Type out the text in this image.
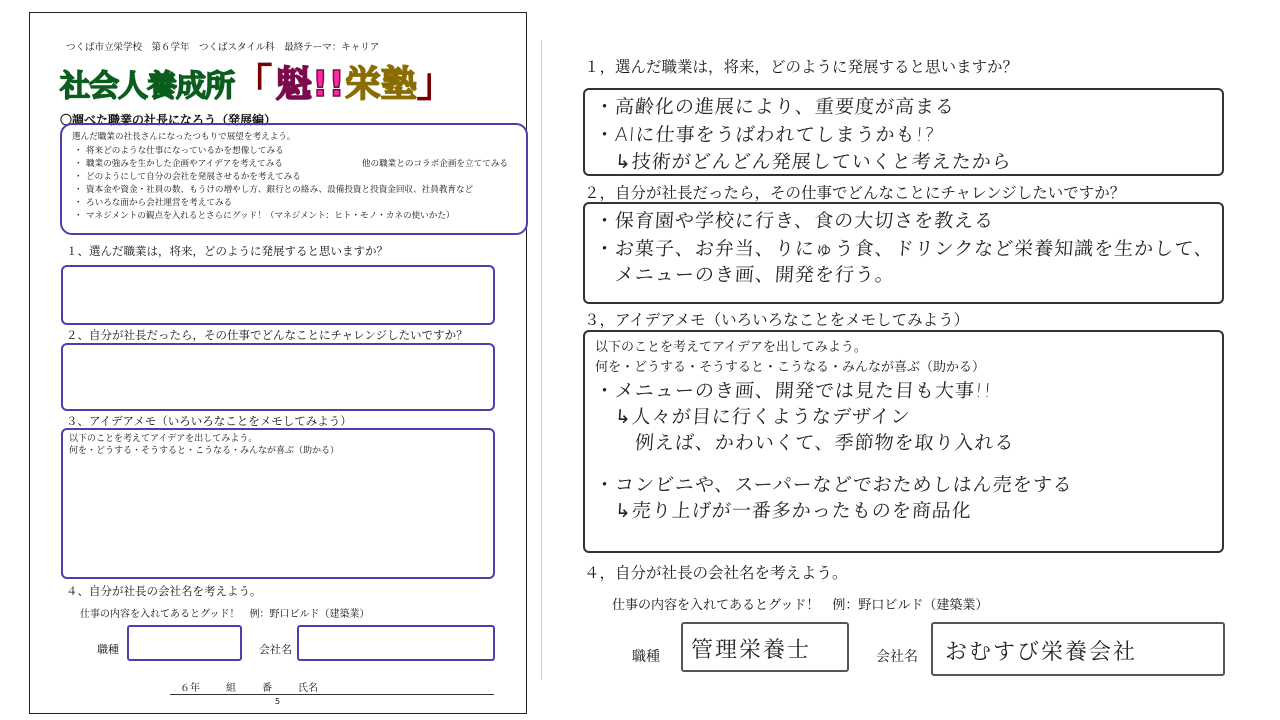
つくば市立栄学校　第６学年　つくばスタイル科　最終テーマ：キャリア
社会人養成所「 魁!!栄塾」
〇調べた職業の社長になろう（発展編）
選んだ職業の社長さんになったつもりで展望を考えよう。
・ 将来どのような仕事になっているかを想像してみる
・ 職業の強みを生かした企画やアイデアを考えてみる	他の職業とのコラボ企画を立ててみる
・ どのようにして自分の会社を発展させるかを考えてみる
・ 資本金や資金・社員の数、もうけの増やし方、銀行との絡み、設備投資と投資金回収、社員教育など
・ ろいろな面から会社運営を考えてみる
・ マネジメントの観点を入れるとさらにグッド！（マネジメント：ヒト・モノ・カネの使いかた）
１、選んだ職業は，将来，どのように発展すると思いますか？
２、自分が社長だったら，その仕事でどんなことにチャレンジしたいですか？
３、アイデアメモ（いろいろなことをメモしてみよう）
以下のことを考えてアイデアを出してみよう。
何を・どうする・そうすると・こうなる・みんなが喜ぶ（助かる）
４、自分が社長の会社名を考えよう。
仕事の内容を入れてあるとグッド！　例：野口ビルド（建築業）
職種	会社名
６年	組	番	氏名
5
１，選んだ職業は，将来，どのように発展すると思いますか？
・高齢化の進展により、重要度が高まる
・AIに仕事をうばわれてしまうかも!?
　↳技術がどんどん発展していくと考えたから
２，自分が社長だったら，その仕事でどんなことにチャレンジしたいですか？
・保育園や学校に行き、食の大切さを教える
・お菓子、お弁当、りにゅう食、ドリンクなど栄養知識を生かして、
　メニューのき画、開発を行う。
３，アイデアメモ（いろいろなことをメモしてみよう）
以下のことを考えてアイデアを出してみよう。
何を・どうする・そうすると・こうなる・みんなが喜ぶ（助かる）
・メニューのき画、開発では見た目も大事!!
　↳人々が目に行くようなデザイン
　　例えば、かわいくて、季節物を取り入れる
・コンビニや、スーパーなどでおためしはん売をする
　↳売り上げが一番多かったものを商品化
４，自分が社長の会社名を考えよう。
仕事の内容を入れてあるとグッド！　例：野口ビルド（建築業）
職種 管理栄養士	会社名 おむすび栄養会社
